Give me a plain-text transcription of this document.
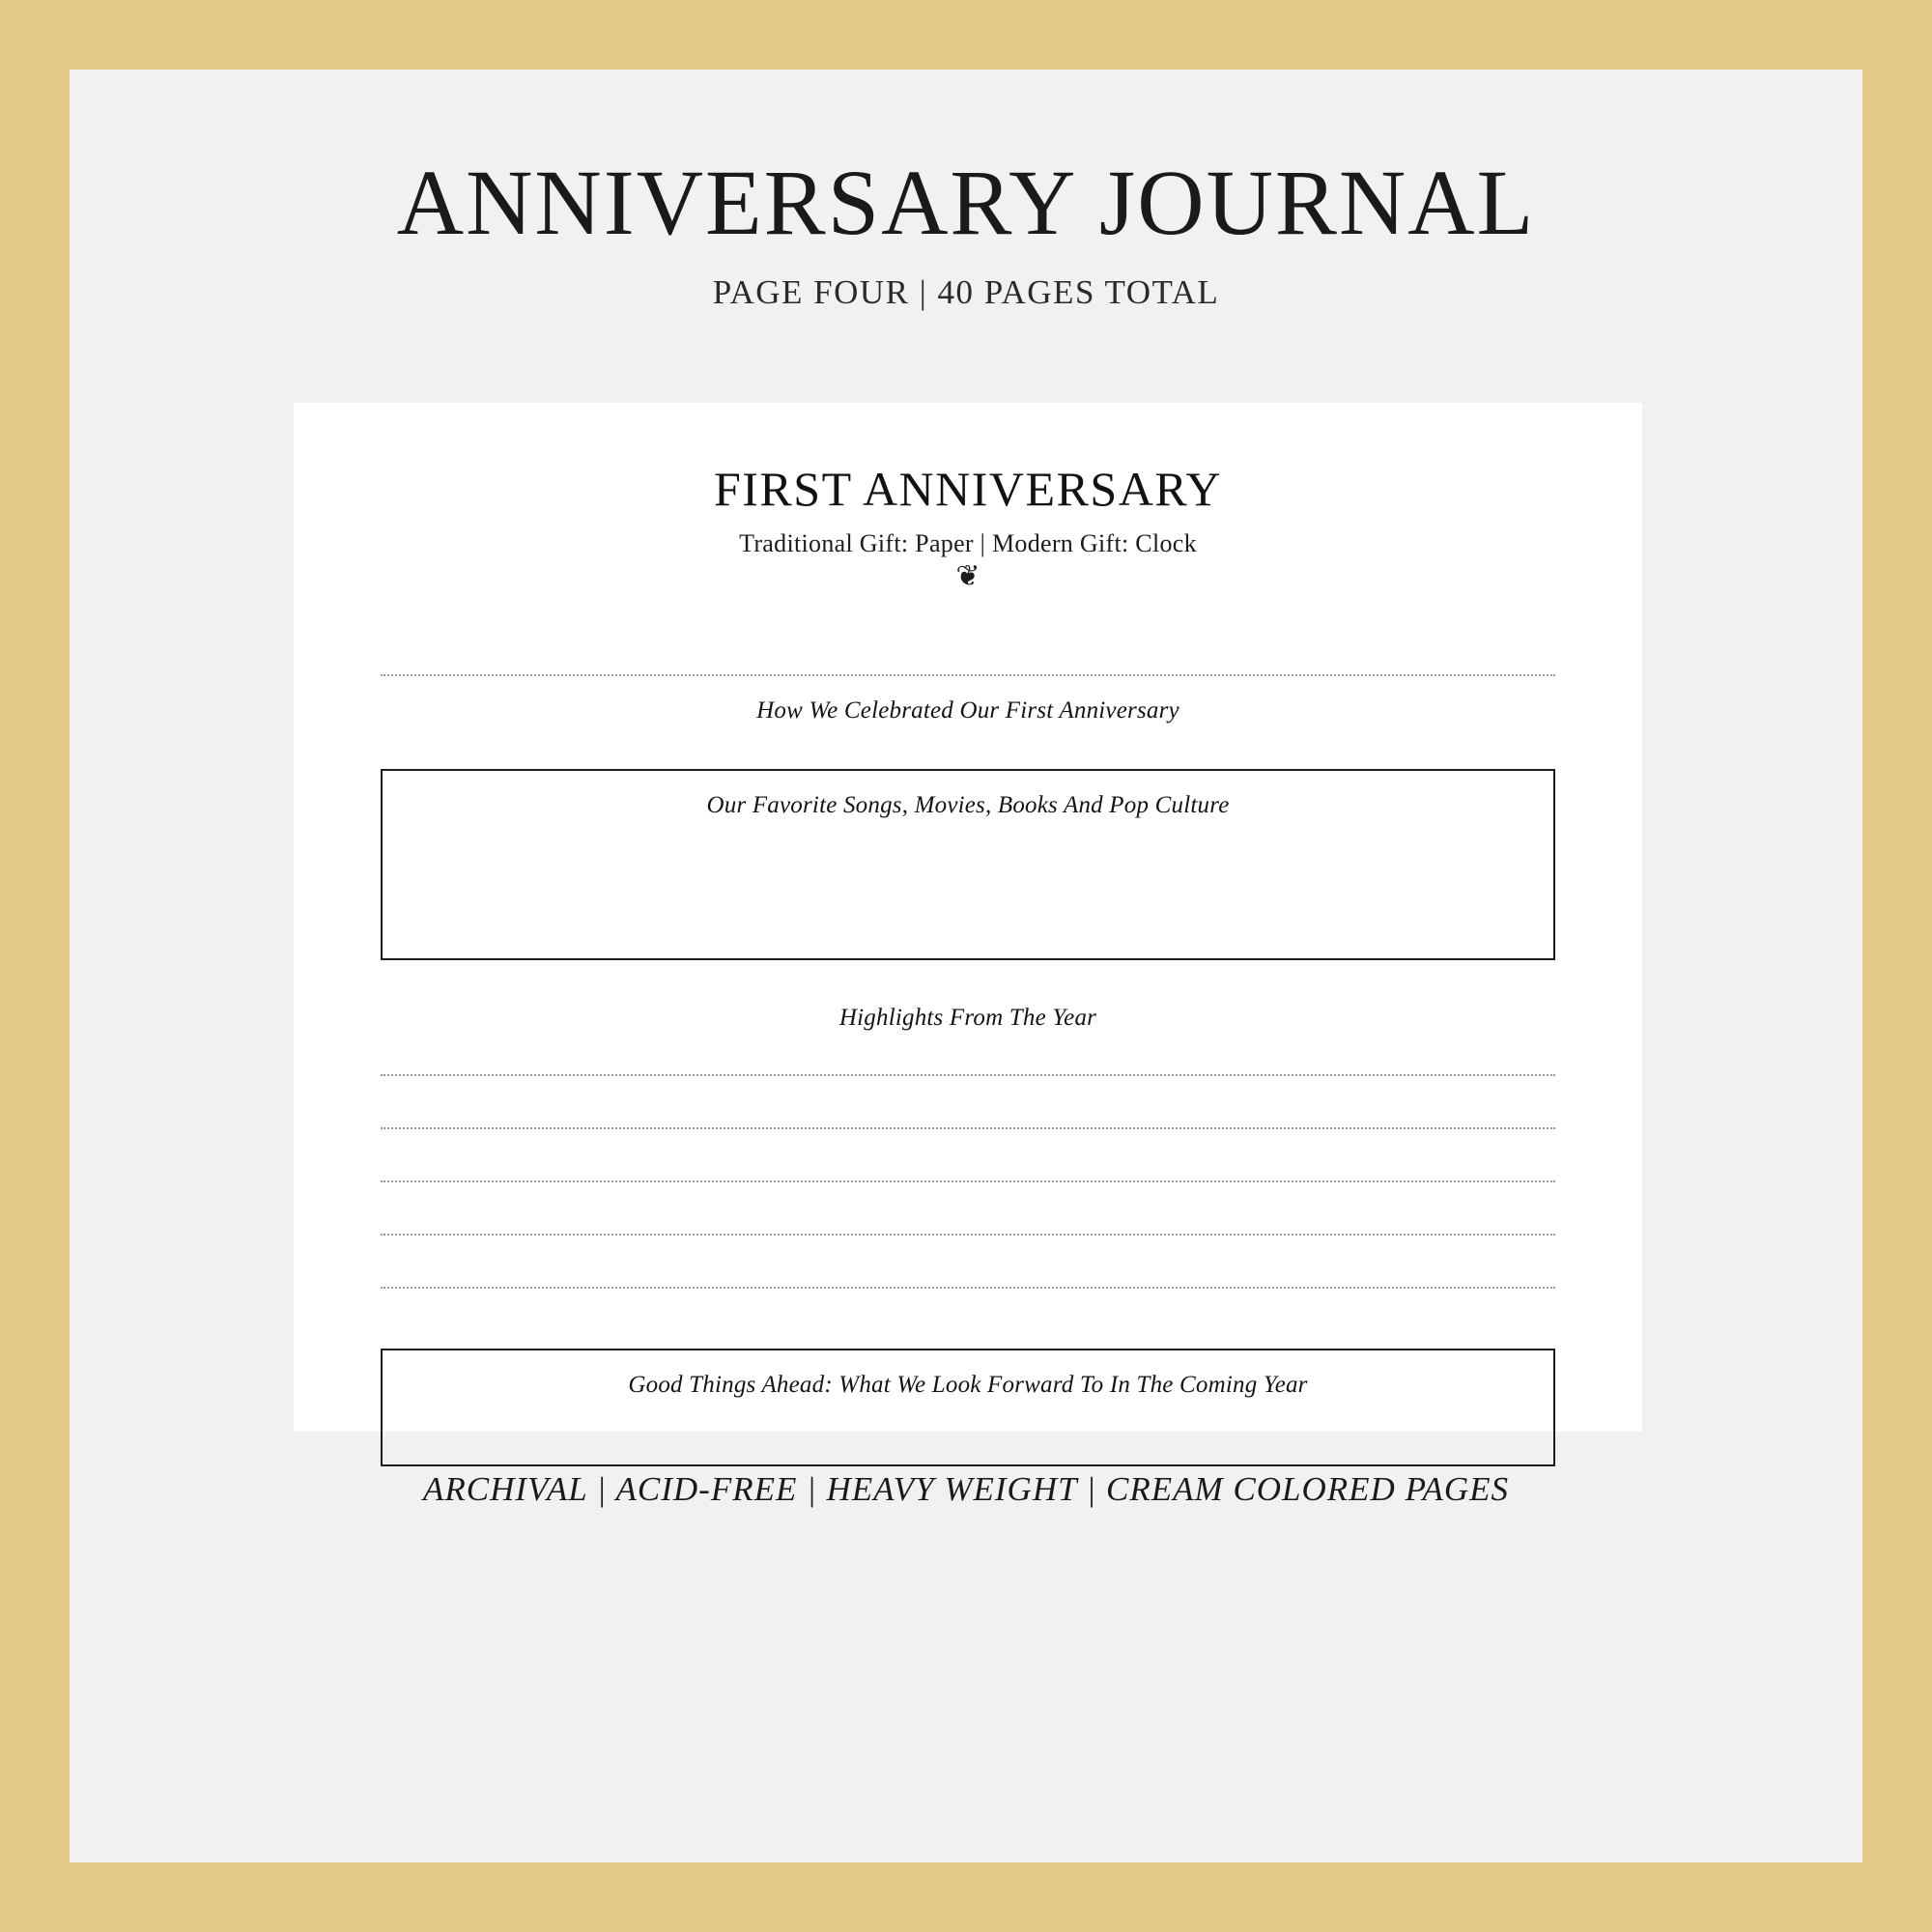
ANNIVERSARY JOURNAL
PAGE FOUR | 40 PAGES TOTAL
FIRST ANNIVERSARY
Traditional Gift: Paper | Modern Gift: Clock
❦
How We Celebrated Our First Anniversary
Our Favorite Songs, Movies, Books And Pop Culture
Highlights From The Year
Good Things Ahead: What We Look Forward To In The Coming Year
ARCHIVAL | ACID-FREE | HEAVY WEIGHT | CREAM COLORED PAGES
